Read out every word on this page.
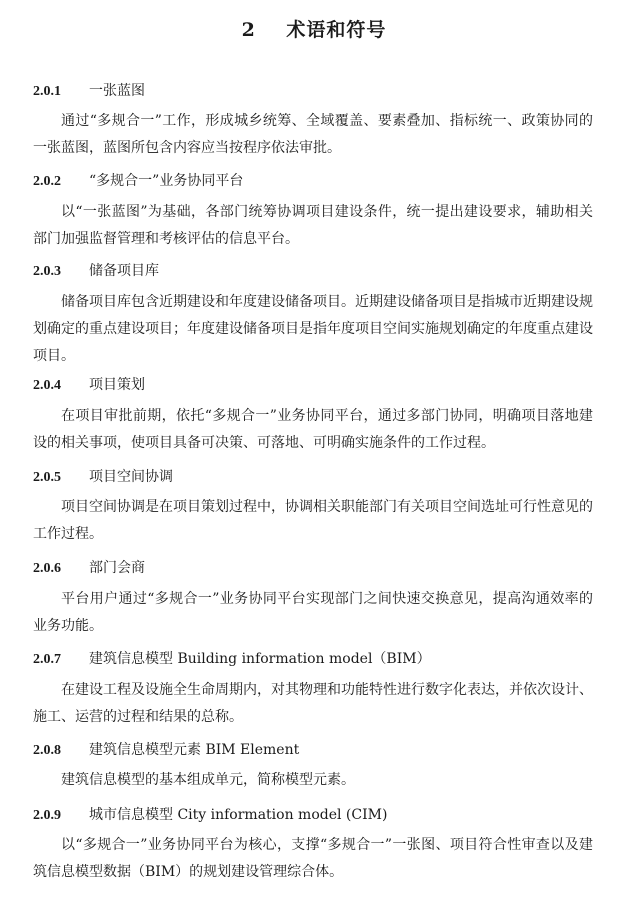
2    术语和符号
2.0.1 一张蓝图

通过“多规合一”工作，形成城乡统筹、全域覆盖、要素叠加、指标统一、政策协同的一张蓝图，蓝图所包含内容应当按程序依法审批。

2.0.2 “多规合一”业务协同平台

以“一张蓝图”为基础，各部门统筹协调项目建设条件，统一提出建设要求，辅助相关部门加强监督管理和考核评估的信息平台。

2.0.3 储备项目库

储备项目库包含近期建设和年度建设储备项目。近期建设储备项目是指城市近期建设规划确定的重点建设项目；年度建设储备项目是指年度项目空间实施规划确定的年度重点建设项目。

2.0.4 项目策划

在项目审批前期，依托“多规合一”业务协同平台，通过多部门协同，明确项目落地建设的相关事项，使项目具备可决策、可落地、可明确实施条件的工作过程。

2.0.5 项目空间协调

项目空间协调是在项目策划过程中，协调相关职能部门有关项目空间选址可行性意见的工作过程。

2.0.6 部门会商

平台用户通过“多规合一”业务协同平台实现部门之间快速交换意见，提高沟通效率的业务功能。

2.0.7 建筑信息模型 Building information model（BIM）

在建设工程及设施全生命周期内，对其物理和功能特性进行数字化表达，并依次设计、施工、运营的过程和结果的总称。

2.0.8 建筑信息模型元素 BIM Element

建筑信息模型的基本组成单元，简称模型元素。

2.0.9 城市信息模型 City information model (CIM)

以“多规合一”业务协同平台为核心，支撑“多规合一”一张图、项目符合性审查以及建筑信息模型数据（BIM）的规划建设管理综合体。
